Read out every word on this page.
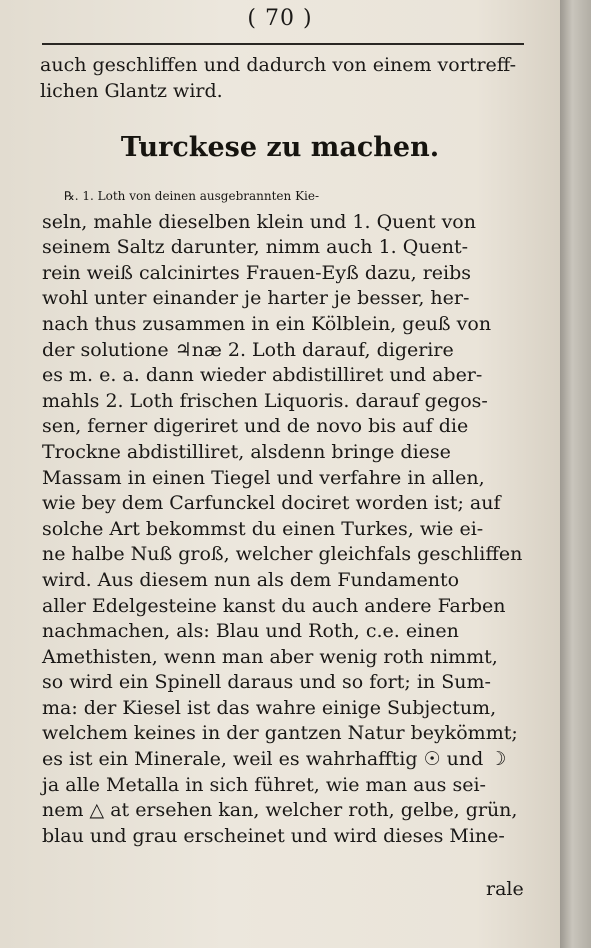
( 70 )
auch geschliffen und dadurch von einem vortreff-
lichen Glantz wird.
Turckese zu machen.
℞. 1. Loth von deinen ausgebrannten Kie-
seln, mahle dieselben klein und 1. Quent von
seinem Saltz darunter, nimm auch 1. Quent-
rein weiß calcinirtes Frauen-Eyß dazu, reibs
wohl unter einander je harter je besser, her-
nach thus zusammen in ein Kölblein, geuß von
der solutione ♃næ 2. Loth darauf, digerire
es m. e. a. dann wieder abdistilliret und aber-
mahls 2. Loth frischen Liquoris. darauf gegos-
sen, ferner digeriret und de novo bis auf die
Trockne abdistilliret, alsdenn bringe diese
Massam in einen Tiegel und verfahre in allen,
wie bey dem Carfunckel dociret worden ist; auf
solche Art bekommst du einen Turkes, wie ei-
ne halbe Nuß groß, welcher gleichfals geschliffen
wird. Aus diesem nun als dem Fundamento
aller Edelgesteine kanst du auch andere Farben
nachmachen, als: Blau und Roth, c.e. einen
Amethisten, wenn man aber wenig roth nimmt,
so wird ein Spinell daraus und so fort; in Sum-
ma: der Kiesel ist das wahre einige Subjectum,
welchem keines in der gantzen Natur beykömmt;
es ist ein Minerale, weil es wahrhafftig ☉ und ☽
ja alle Metalla in sich führet, wie man aus sei-
nem △ at ersehen kan, welcher roth, gelbe, grün,
blau und grau erscheinet und wird dieses Mine-
rale
